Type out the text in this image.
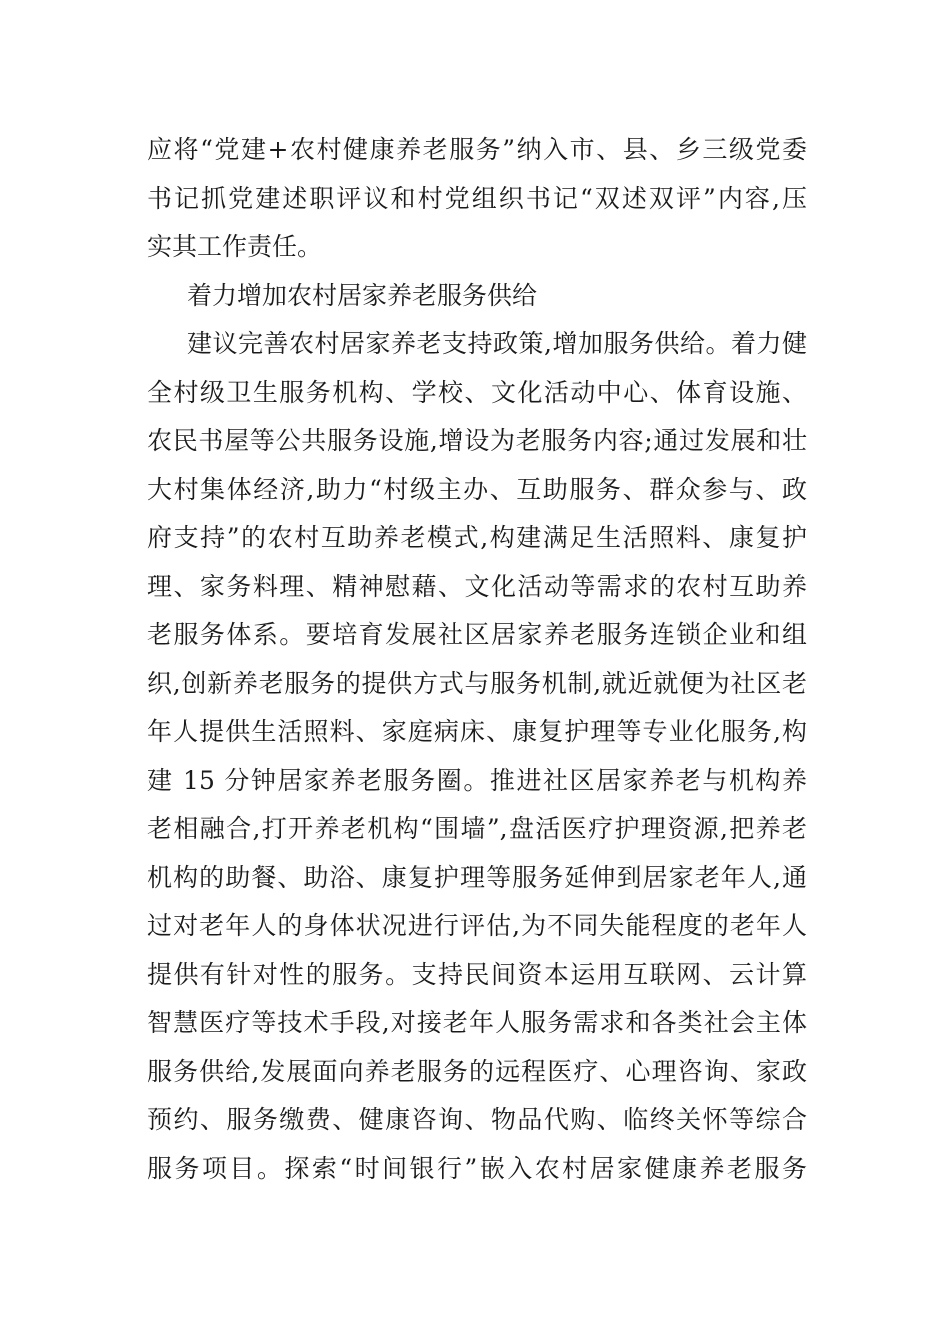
应将“党建+农村健康养老服务”纳入市、县、乡三级党委
书记抓党建述职评议和村党组织书记“双述双评”内容,压
实其工作责任。
着力增加农村居家养老服务供给
建议完善农村居家养老支持政策,增加服务供给。着力健
全村级卫生服务机构、学校、文化活动中心、体育设施、
农民书屋等公共服务设施,增设为老服务内容;通过发展和壮
大村集体经济,助力“村级主办、互助服务、群众参与、政
府支持”的农村互助养老模式,构建满足生活照料、康复护
理、家务料理、精神慰藉、文化活动等需求的农村互助养
老服务体系。要培育发展社区居家养老服务连锁企业和组
织,创新养老服务的提供方式与服务机制,就近就便为社区老
年人提供生活照料、家庭病床、康复护理等专业化服务,构
建 15 分钟居家养老服务圈。推进社区居家养老与机构养
老相融合,打开养老机构“围墙”,盘活医疗护理资源,把养老
机构的助餐、助浴、康复护理等服务延伸到居家老年人,通
过对老年人的身体状况进行评估,为不同失能程度的老年人
提供有针对性的服务。支持民间资本运用互联网、云计算
智慧医疗等技术手段,对接老年人服务需求和各类社会主体
服务供给,发展面向养老服务的远程医疗、心理咨询、家政
预约、服务缴费、健康咨询、物品代购、临终关怀等综合
服务项目。探索“时间银行”嵌入农村居家健康养老服务
